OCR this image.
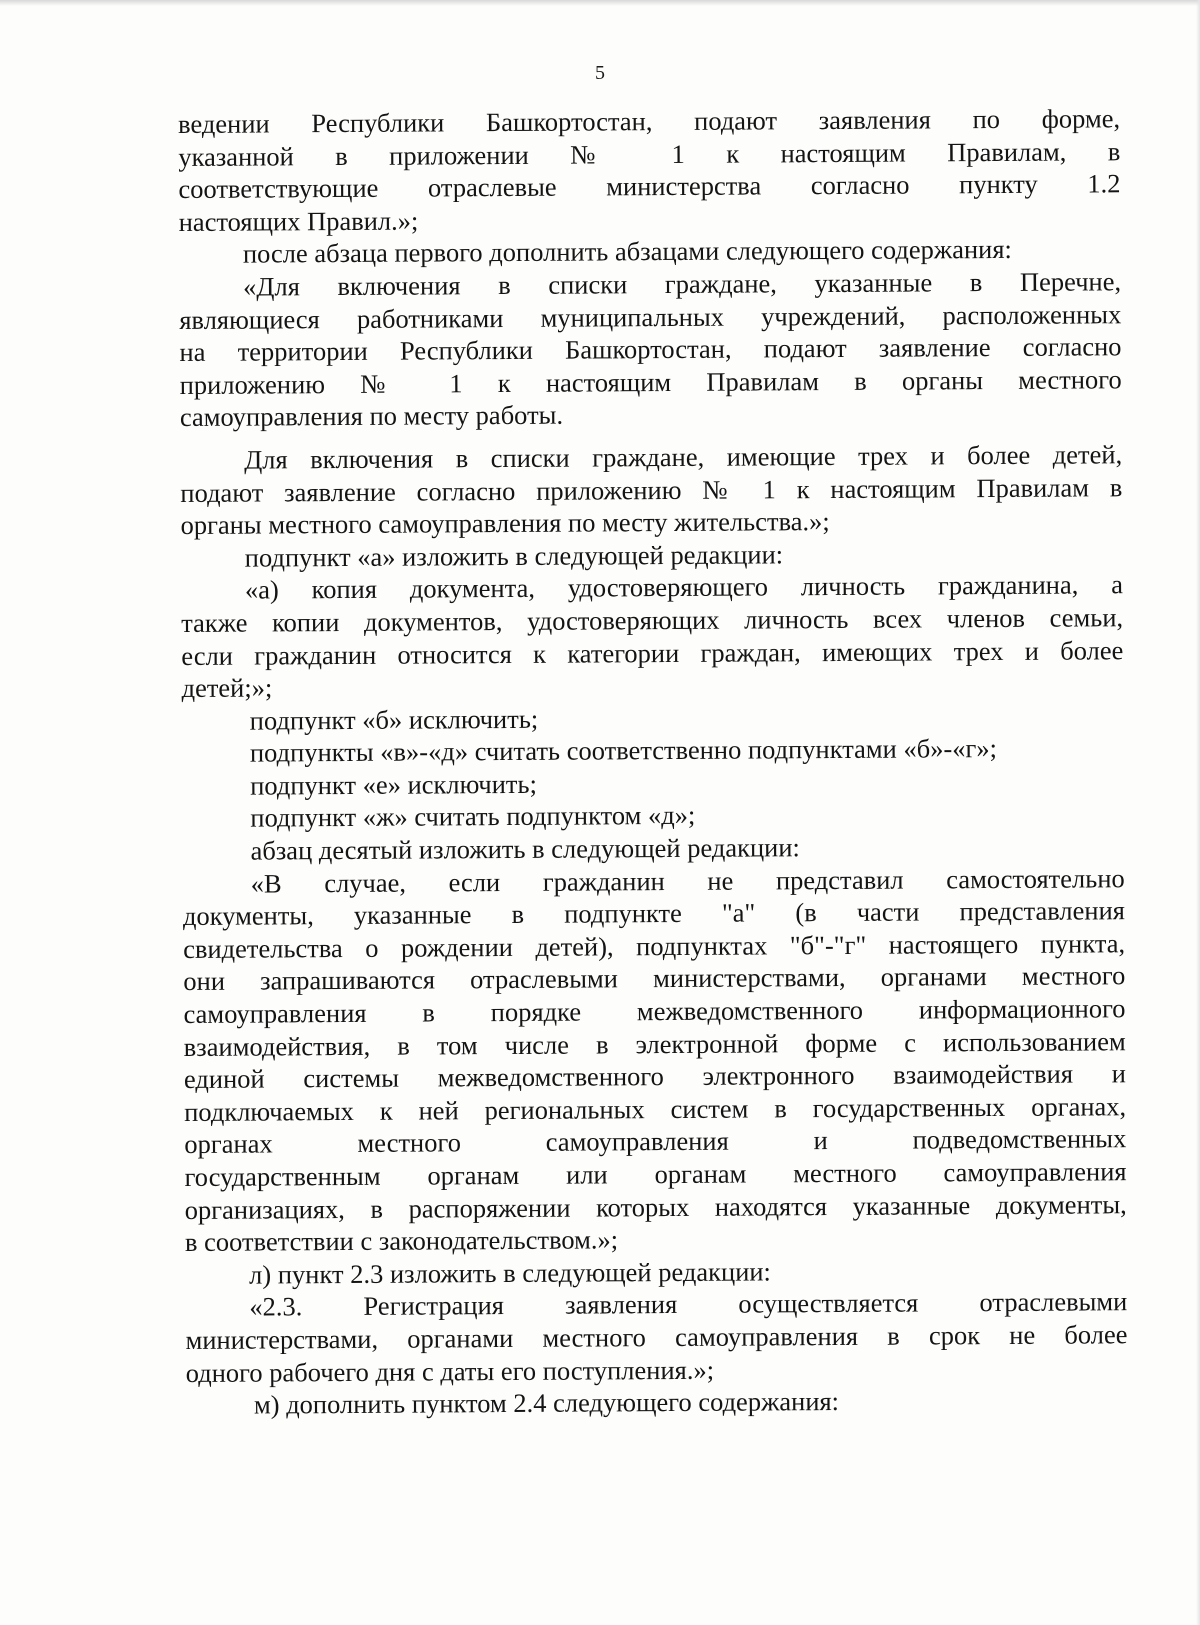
5
ведении Республики Башкортостан, подают заявления по форме,
указанной в приложении № 1 к настоящим Правилам, в
соответствующие отраслевые министерства согласно пункту 1.2
настоящих Правил.»;
после абзаца первого дополнить абзацами следующего содержания:
«Для включения в списки граждане, указанные в Перечне,
являющиеся работниками муниципальных учреждений, расположенных
на территории Республики Башкортостан, подают заявление согласно
приложению № 1 к настоящим Правилам в органы местного
самоуправления по месту работы.
Для включения в списки граждане, имеющие трех и более детей,
подают заявление согласно приложению № 1 к настоящим Правилам в
органы местного самоуправления по месту жительства.»;
подпункт «а» изложить в следующей редакции:
«а) копия документа, удостоверяющего личность гражданина, а
также копии документов, удостоверяющих личность всех членов семьи,
если гражданин относится к категории граждан, имеющих трех и более
детей;»;
подпункт «б» исключить;
подпункты «в»-«д» считать соответственно подпунктами «б»-«г»;
подпункт «е» исключить;
подпункт «ж» считать подпунктом «д»;
абзац десятый изложить в следующей редакции:
«В случае, если гражданин не представил самостоятельно
документы, указанные в подпункте "а" (в части представления
свидетельства о рождении детей), подпунктах "б"-"г" настоящего пункта,
они запрашиваются отраслевыми министерствами, органами местного
самоуправления в порядке межведомственного информационного
взаимодействия, в том числе в электронной форме с использованием
единой системы межведомственного электронного взаимодействия и
подключаемых к ней региональных систем в государственных органах,
органах местного самоуправления и подведомственных
государственным органам или органам местного самоуправления
организациях, в распоряжении которых находятся указанные документы,
в соответствии с законодательством.»;
л) пункт 2.3 изложить в следующей редакции:
«2.3. Регистрация заявления осуществляется отраслевыми
министерствами, органами местного самоуправления в срок не более
одного рабочего дня с даты его поступления.»;
м) дополнить пунктом 2.4 следующего содержания:
